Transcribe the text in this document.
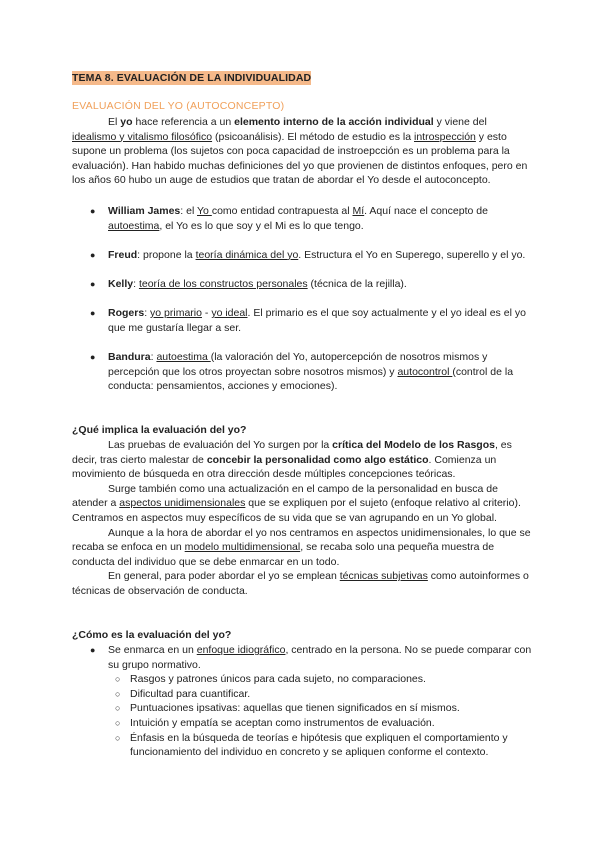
TEMA 8. EVALUACIÓN DE LA INDIVIDUALIDAD
EVALUACIÓN DEL YO (AUTOCONCEPTO)

El yo hace referencia a un elemento interno de la acción individual y viene del idealismo y vitalismo filosófico (psicoanálisis). El método de estudio es la introspección y esto supone un problema (los sujetos con poca capacidad de instroepcción es un problema para la evaluación). Han habido muchas definiciones del yo que provienen de distintos enfoques, pero en los años 60 hubo un auge de estudios que tratan de abordar el Yo desde el autoconcepto.

● William James: el Yo como entidad contrapuesta al Mí. Aquí nace el concepto de autoestima, el Yo es lo que soy y el Mi es lo que tengo.
● Freud: propone la teoría dinámica del yo. Estructura el Yo en Superego, superello y el yo.
● Kelly: teoría de los constructos personales (técnica de la rejilla).
● Rogers: yo primario - yo ideal. El primario es el que soy actualmente y el yo ideal es el yo que me gustaría llegar a ser.
● Bandura: autoestima (la valoración del Yo, autopercepción de nosotros mismos y percepción que los otros proyectan sobre nosotros mismos) y autocontrol (control de la conducta: pensamientos, acciones y emociones).
¿Qué implica la evaluación del yo?

Las pruebas de evaluación del Yo surgen por la crítica del Modelo de los Rasgos, es decir, tras cierto malestar de concebir la personalidad como algo estático. Comienza un movimiento de búsqueda en otra dirección desde múltiples concepciones teóricas.

Surge también como una actualización en el campo de la personalidad en busca de atender a aspectos unidimensionales que se expliquen por el sujeto (enfoque relativo al criterio). Centramos en aspectos muy específicos de su vida que se van agrupando en un Yo global.

Aunque a la hora de abordar el yo nos centramos en aspectos unidimensionales, lo que se recaba se enfoca en un modelo multidimensional, se recaba solo una pequeña muestra de conducta del individuo que se debe enmarcar en un todo.

En general, para poder abordar el yo se emplean técnicas subjetivas como autoinformes o técnicas de observación de conducta.

¿Cómo es la evaluación del yo?
● Se enmarca en un enfoque idiográfico, centrado en la persona. No se puede comparar con su grupo normativo.
○ Rasgos y patrones únicos para cada sujeto, no comparaciones.
○ Dificultad para cuantificar.
○ Puntuaciones ipsativas: aquellas que tienen significados en sí mismos.
○ Intuición y empatía se aceptan como instrumentos de evaluación.
○ Énfasis en la búsqueda de teorías e hipótesis que expliquen el comportamiento y funcionamiento del individuo en concreto y se apliquen conforme el contexto.
